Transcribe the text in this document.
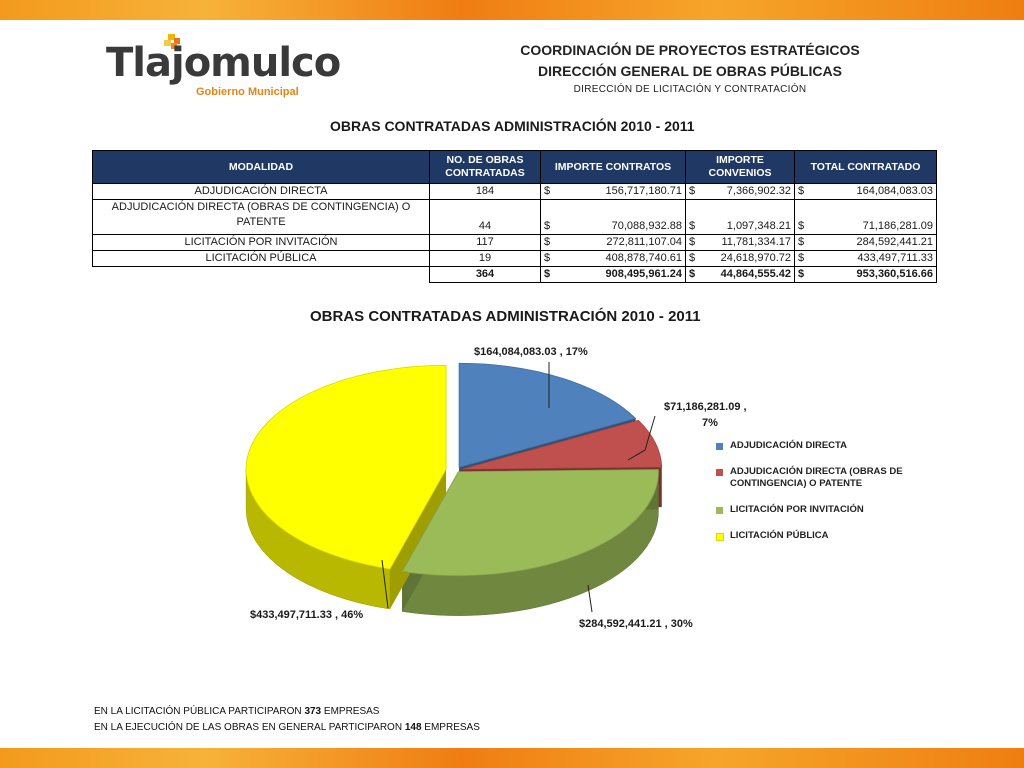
Tlajomulco
Gobierno Municipal
COORDINACIÓN DE PROYECTOS ESTRATÉGICOS
DIRECCIÓN GENERAL DE OBRAS PÚBLICAS
DIRECCIÓN DE LICITACIÓN Y CONTRATACIÓN
OBRAS CONTRATADAS ADMINISTRACIÓN 2010 - 2011
MODALIDAD	NO. DE OBRAS CONTRATADAS	IMPORTE CONTRATOS	IMPORTE CONVENIOS	TOTAL CONTRATADO
ADJUDICACIÓN DIRECTA	184	$ 156,717,180.71	$ 7,366,902.32	$ 164,084,083.03

ADJUDICACIÓN DIRECTA (OBRAS DE CONTINGENCIA) O PATENTE	44	$ 70,088,932.88	$ 1,097,348.21	$ 71,186,281.09

LICITACIÓN POR INVITACIÓN	117	$ 272,811,107.04	$ 11,781,334.17	$ 284,592,441.21

LICITACIÓN PÚBLICA	19	$ 408,878,740.61	$ 24,618,970.72	$ 433,497,711.33

	364	$ 908,495,961.24	$ 44,864,555.42	$ 953,360,516.66
OBRAS CONTRATADAS ADMINISTRACIÓN 2010 - 2011
$164,084,083.03 , 17%
$71,186,281.09 ,
7%
$284,592,441.21 , 30%
$433,497,711.33 , 46%
ADJUDICACIÓN DIRECTA
ADJUDICACIÓN DIRECTA (OBRAS DE CONTINGENCIA) O PATENTE
LICITACIÓN POR INVITACIÓN
LICITACIÓN PÚBLICA
EN LA LICITACIÓN PÚBLICA PARTICIPARON 373 EMPRESAS
EN LA EJECUCIÓN DE LAS OBRAS EN GENERAL PARTICIPARON 148 EMPRESAS
